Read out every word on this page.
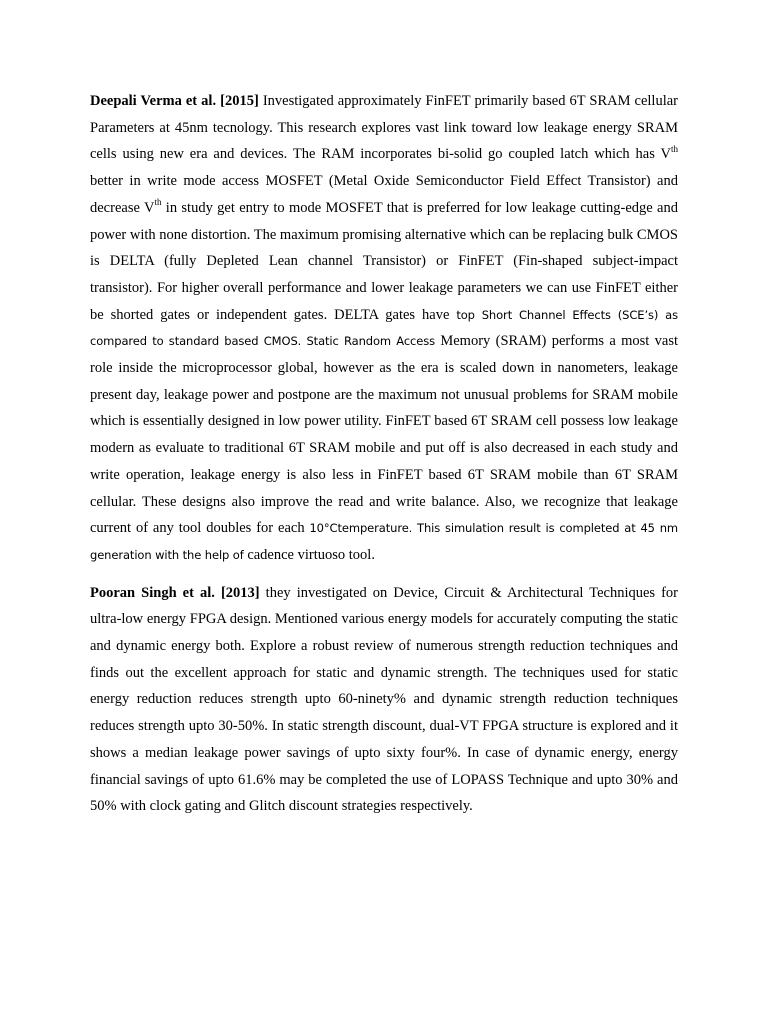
Deepali Verma et al. [2015] Investigated approximately FinFET primarily based 6T SRAM cellular Parameters at 45nm tecnology. This research explores vast link toward low leakage energy SRAM cells using new era and devices. The RAM incorporates bi-solid go coupled latch which has Vth better in write mode access MOSFET (Metal Oxide Semiconductor Field Effect Transistor) and decrease Vth in study get entry to mode MOSFET that is preferred for low leakage cutting-edge and power with none distortion. The maximum promising alternative which can be replacing bulk CMOS is DELTA (fully Depleted Lean channel Transistor) or FinFET (Fin-shaped subject-impact transistor). For higher overall performance and lower leakage parameters we can use FinFET either be shorted gates or independent gates. DELTA gates have top Short Channel Effects (SCE’s) as compared to standard based CMOS. Static Random Access Memory (SRAM) performs a most vast role inside the microprocessor global, however as the era is scaled down in nanometers, leakage present day, leakage power and postpone are the maximum not unusual problems for SRAM mobile which is essentially designed in low power utility. FinFET based 6T SRAM cell possess low leakage modern as evaluate to traditional 6T SRAM mobile and put off is also decreased in each study and write operation, leakage energy is also less in FinFET based 6T SRAM mobile than 6T SRAM cellular. These designs also improve the read and write balance. Also, we recognize that leakage current of any tool doubles for each 10°Ctemperature. This simulation result is completed at 45 nm generation with the help of cadence virtuoso tool.

Pooran Singh et al. [2013] they investigated on Device, Circuit & Architectural Techniques for ultra-low energy FPGA design. Mentioned various energy models for accurately computing the static and dynamic energy both. Explore a robust review of numerous strength reduction techniques and finds out the excellent approach for static and dynamic strength. The techniques used for static energy reduction reduces strength upto 60-ninety% and dynamic strength reduction techniques reduces strength upto 30-50%. In static strength discount, dual-VT FPGA structure is explored and it shows a median leakage power savings of upto sixty four%. In case of dynamic energy, energy financial savings of upto 61.6% may be completed the use of LOPASS Technique and upto 30% and 50% with clock gating and Glitch discount strategies respectively.
